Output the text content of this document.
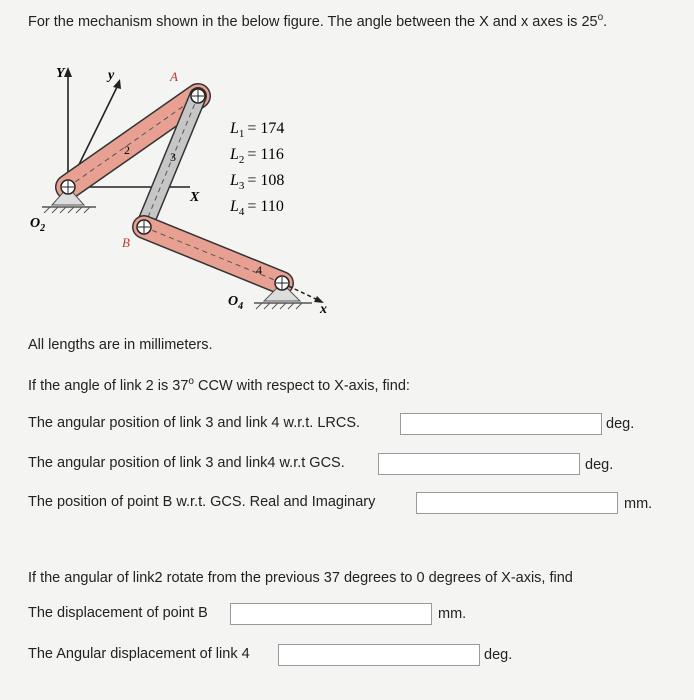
For the mechanism shown in the below figure. The angle between the X and x axes is 25$^o$.
Y	y
2	3
4
x
X
$O_2$
$O_4$
A
B
$L_1 = 174$
$L_2 = 116$
$L_3 = 108$
$L_4 = 110$
All lengths are in millimeters.
If the angle of link 2 is 37$^o$ CCW with respect to X-axis, find:
The angular position of link 3 and link 4 w.r.t. LRCS.	deg.
The angular position of link 3 and link4 w.r.t GCS.	deg.
The position of point B w.r.t. GCS. Real and Imaginary	mm.
If the angular of link2 rotate from the previous 37 degrees to 0 degrees of X-axis, find
The displacement of point B	mm.
The Angular displacement of link 4	deg.
